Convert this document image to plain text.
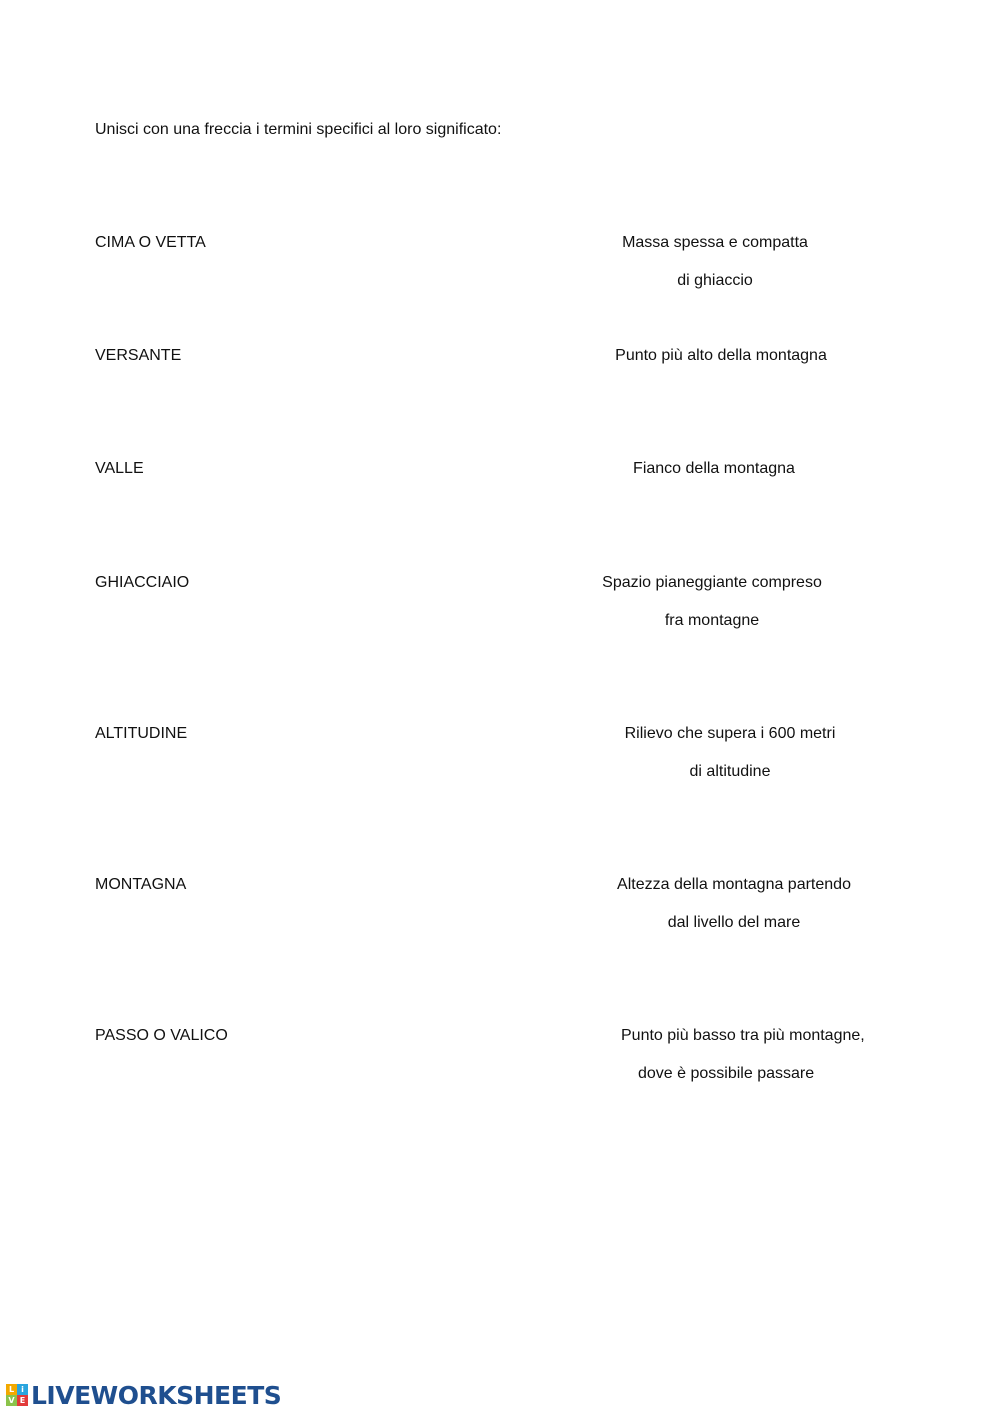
Unisci con una freccia i termini specifici al loro significato:
CIMA O VETTA
VERSANTE
VALLE
GHIACCIAIO
ALTITUDINE
MONTAGNA
PASSO O VALICO
Massa spessa e compatta
di ghiaccio
Punto più alto della montagna
Fianco della montagna
Spazio pianeggiante compreso
fra montagne
Rilievo che supera i 600 metri
di altitudine
Altezza della montagna partendo
dal livello del mare
Punto più basso tra più montagne,
dove è possibile passare
L i
V E LIVEWORKSHEETS
